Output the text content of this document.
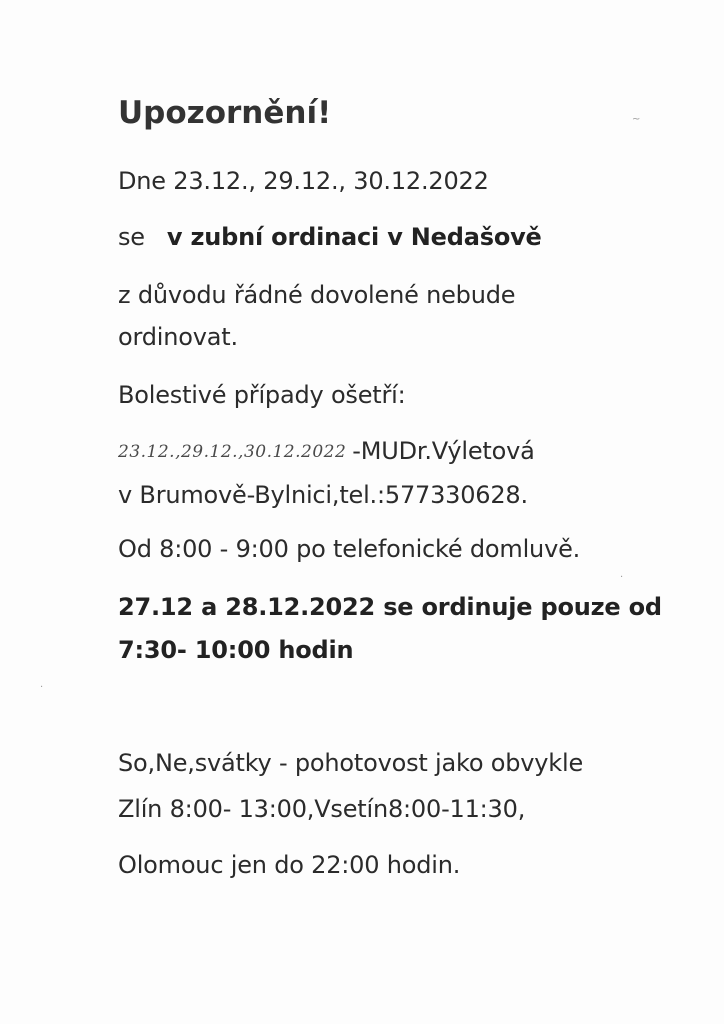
Upozornění!
Dne 23.12., 29.12., 30.12.2022
se v zubní ordinaci v Nedašově
z důvodu řádné dovolené nebude
ordinovat.
Bolestivé případy ošetří:
23.12.,29.12.,30.12.2022 -MUDr.Výletová
v Brumově-Bylnici,tel.:577330628.
Od 8:00 - 9:00 po telefonické domluvě.
27.12 a 28.12.2022 se ordinuje pouze od
7:30- 10:00 hodin
So,Ne,svátky - pohotovost jako obvykle
Zlín 8:00- 13:00,Vsetín8:00-11:30,
Olomouc jen do 22:00 hodin.
~
·
·
